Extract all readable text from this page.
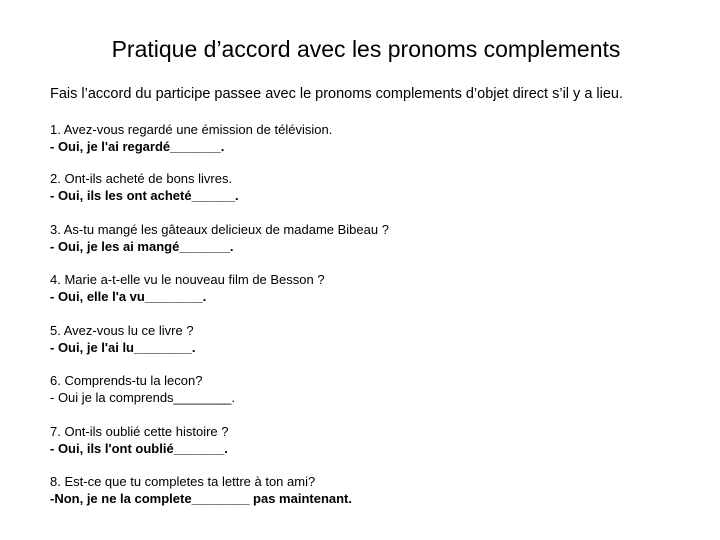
Pratique d’accord avec les pronoms complements
Fais l’accord du participe passee avec le pronoms complements d’objet direct s’il y a lieu.
1. Avez-vous regardé une émission de télévision.
- Oui, je l'ai regardé_______.
2. Ont-ils acheté de bons livres.
- Oui, ils les ont acheté______.
3. As-tu mangé les gâteaux delicieux de madame Bibeau ?
- Oui, je les ai mangé_______.
4. Marie a-t-elle vu le nouveau film de Besson ?
- Oui, elle l'a vu________.
5. Avez-vous lu ce livre ?
- Oui, je l'ai lu________.
6. Comprends-tu la lecon?
- Oui je la comprends________.
7. Ont-ils oublié cette histoire ?
- Oui, ils l'ont oublié_______.
8. Est-ce que tu completes ta lettre à ton ami?
-Non, je ne la complete________ pas maintenant.
